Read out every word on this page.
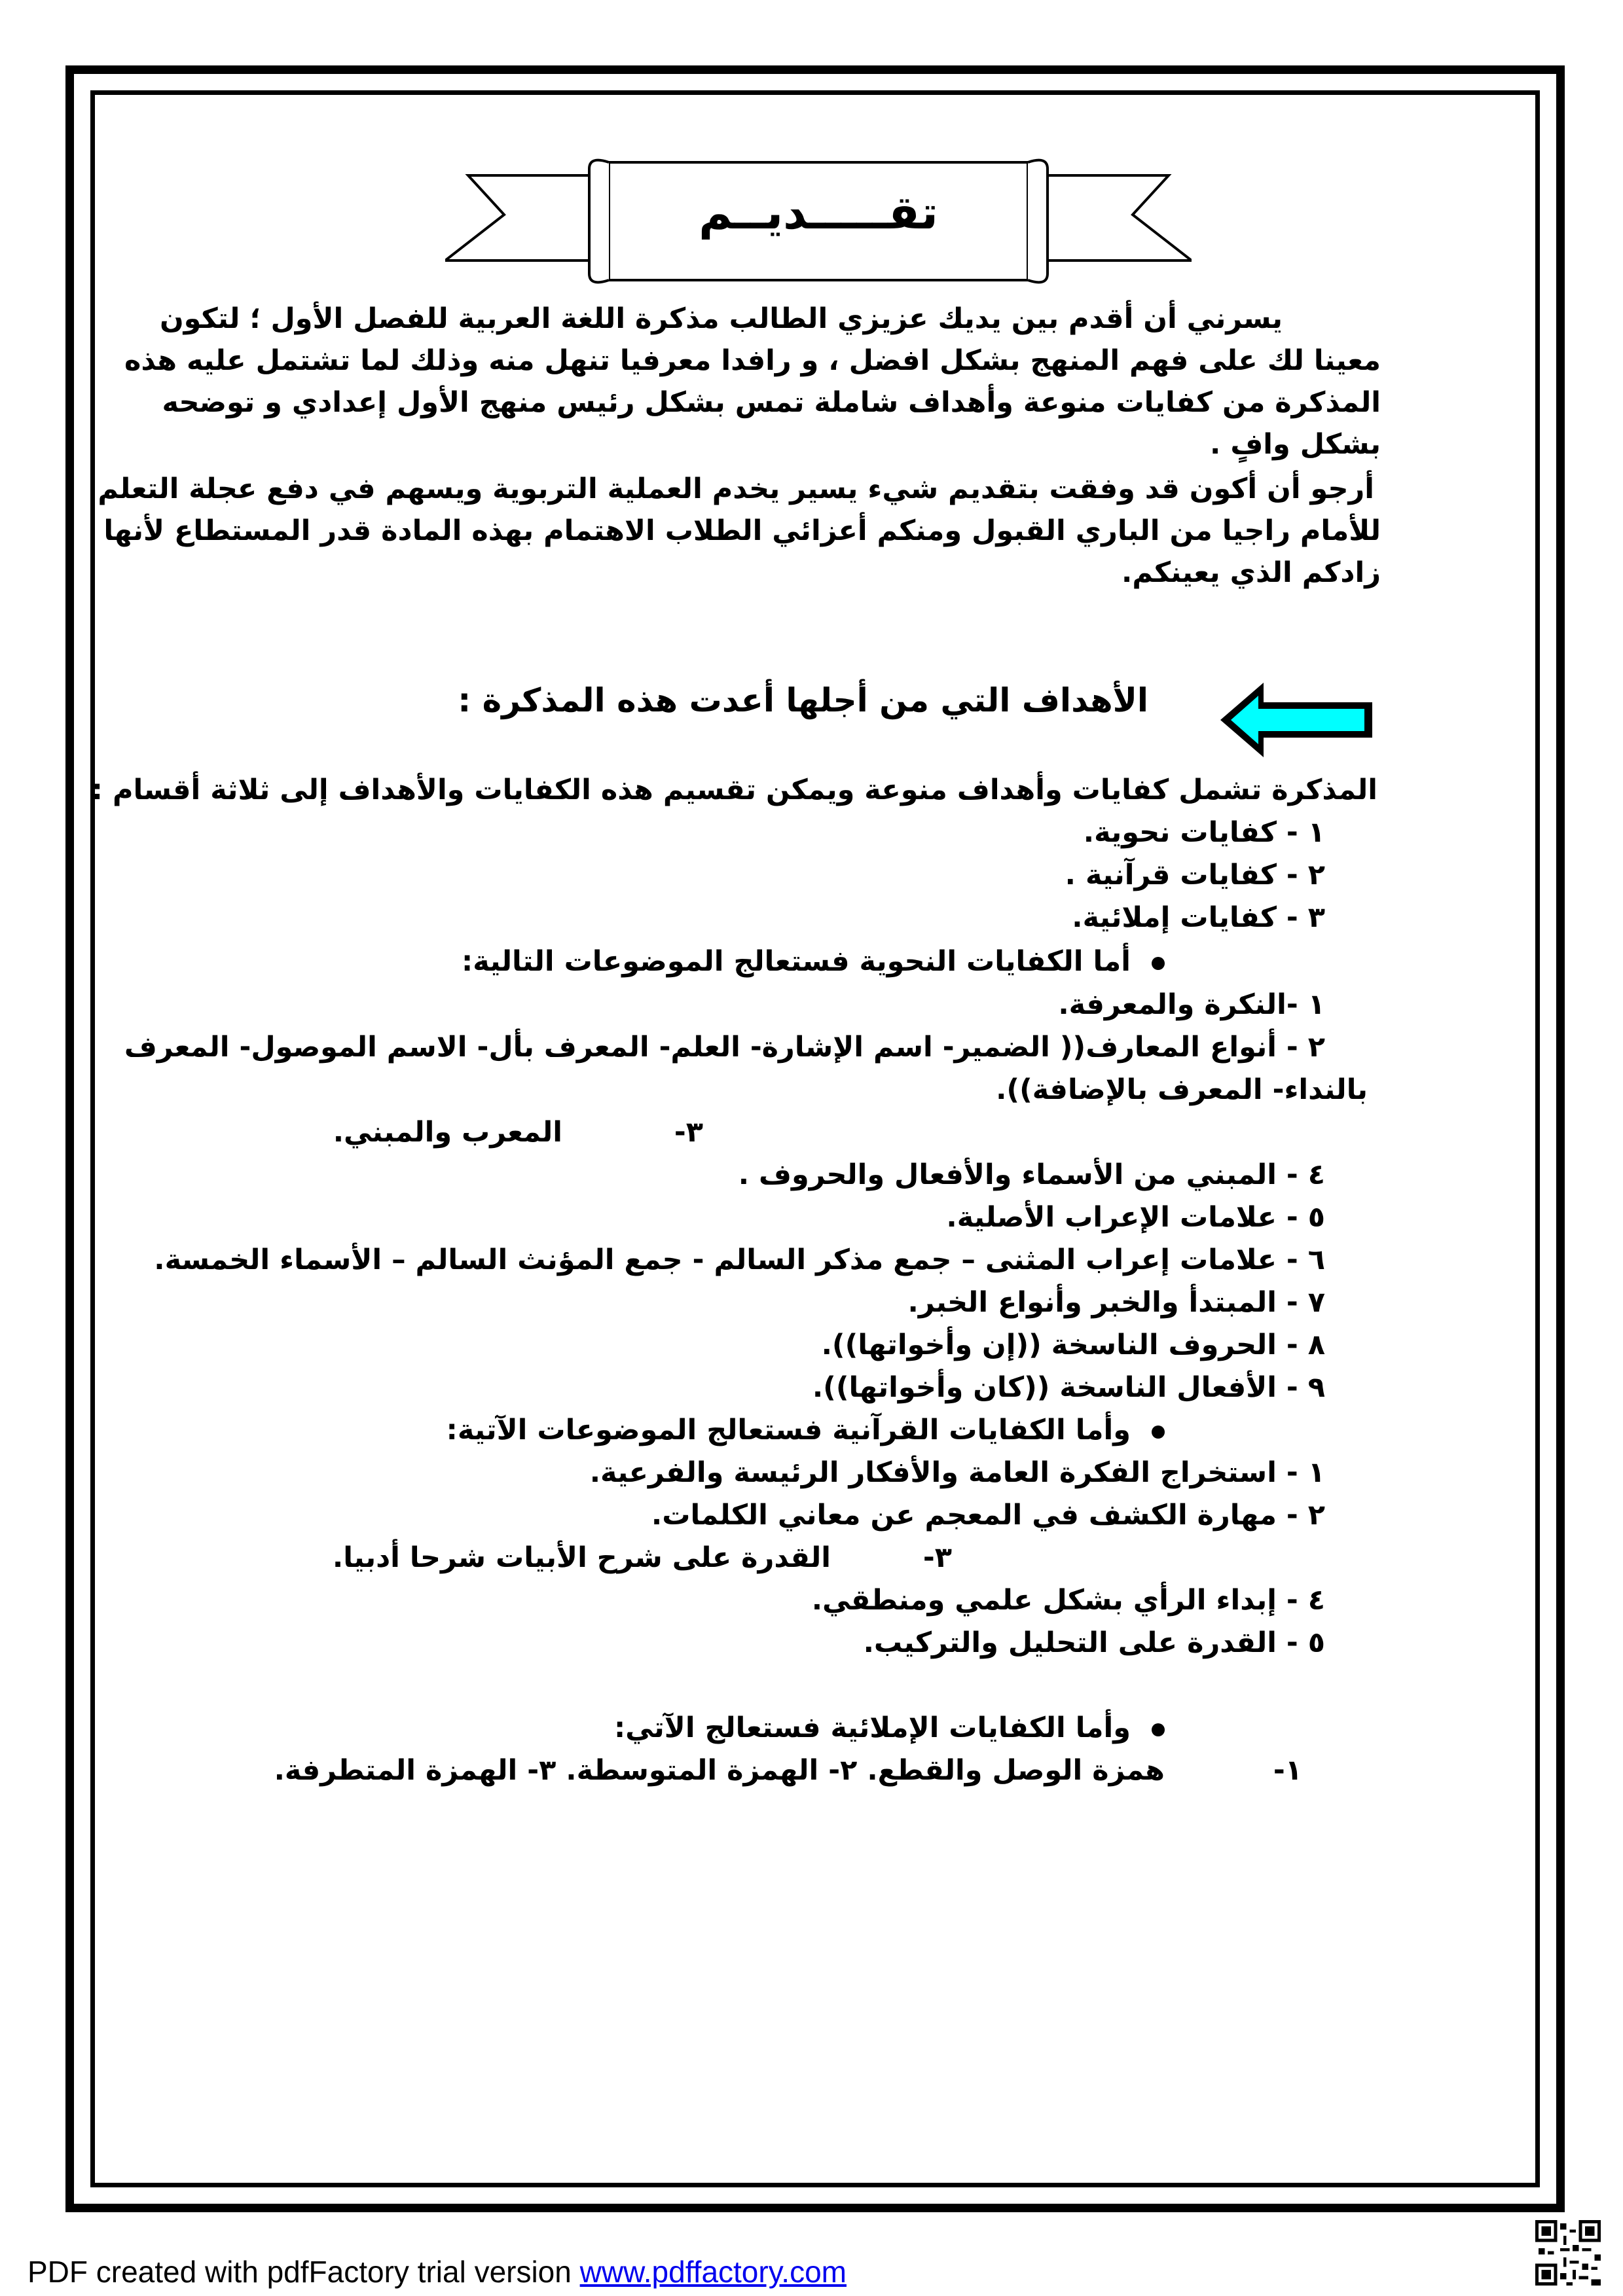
تقـــــديــم
يسرني أن أقدم بين يديك عزيزي الطالب مذكرة اللغة العربية للفصل الأول ؛ لتكون
معينا لك على فهم المنهج بشكل افضل ، و رافدا معرفيا تنهل منه وذلك لما تشتمل عليه هذه
المذكرة من كفايات منوعة وأهداف شاملة تمس بشكل رئيس منهج الأول إعدادي و توضحه
بشكل وافٍ .
أرجو أن أكون قد وفقت بتقديم شيء يسير يخدم العملية التربوية ويسهم في دفع عجلة التعلم
للأمام راجيا من الباري القبول ومنكم أعزائي الطلاب الاهتمام بهذه المادة قدر المستطاع لأنها
زادكم الذي يعينكم.
الأهداف التي من أجلها أعدت هذه المذكرة :
المذكرة تشمل كفايات وأهداف منوعة ويمكن تقسيم هذه الكفايات والأهداف إلى ثلاثة أقسام :
١ - كفايات نحوية.
٢ - كفايات قرآنية .
٣ - كفايات إملائية.
أما الكفايات النحوية فستعالج الموضوعات التالية:
١ -النكرة والمعرفة.
٢ - أنواع المعارف(( الضمير- اسم الإشارة- العلم- المعرف بأل- الاسم الموصول- المعرف
بالنداء- المعرف بالإضافة)).
٣-
المعرب والمبني.
٤ - المبني من الأسماء والأفعال والحروف .
٥ - علامات الإعراب الأصلية.
٦ - علامات إعراب المثنى – جمع مذكر السالم - جمع المؤنث السالم – الأسماء الخمسة.
٧ - المبتدأ والخبر وأنواع الخبر.
٨ - الحروف الناسخة ((إن وأخواتها)).
٩ - الأفعال الناسخة ((كان وأخواتها)).
وأما الكفايات القرآنية فستعالج الموضوعات الآتية:
١ - استخراج الفكرة العامة والأفكار الرئيسة والفرعية.
٢ - مهارة الكشف في المعجم عن معاني الكلمات.
٣-
القدرة على شرح الأبيات شرحا أدبيا.
٤ - إبداء الرأي بشكل علمي ومنطقي.
٥ - القدرة على التحليل والتركيب.
وأما الكفايات الإملائية فستعالج الآتي:
١-
همزة الوصل والقطع. ٢- الهمزة المتوسطة. ٣- الهمزة المتطرفة.
PDF created with pdfFactory trial version www.pdffactory.com
